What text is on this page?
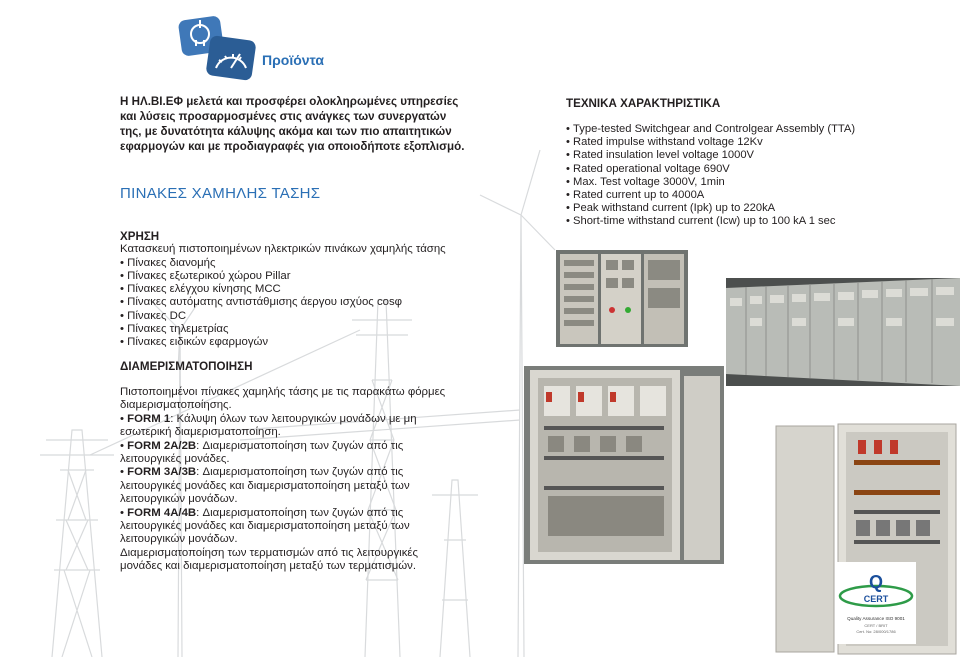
Προϊόντα
Η ΗΛ.ΒΙ.ΕΦ μελετά και προσφέρει ολοκληρωμένες υπηρεσίες και λύσεις προσαρμοσμένες στις ανάγκες των συνεργατών της, με δυνατότητα κάλυψης ακόμα και των πιο απαιτητικών εφαρμογών και με προδιαγραφές για οποιοδήποτε εξοπλισμό.
ΠΙΝΑΚΕΣ ΧΑΜΗΛΗΣ ΤΑΣΗΣ
ΧΡΗΣΗ
Κατασκευή πιστοποιημένων ηλεκτρικών πινάκων χαμηλής τάσης
• Πίνακες διανομής
• Πίνακες εξωτερικού χώρου Pillar
• Πίνακες ελέγχου κίνησης MCC
• Πίνακες αυτόματης αντιστάθμισης άεργου ισχύος cosφ
• Πίνακες DC
• Πίνακες τηλεμετρίας
• Πίνακες ειδικών εφαρμογών
ΔΙΑΜΕΡΙΣΜΑΤΟΠΟΙΗΣΗ

Πιστοποιημένοι πίνακες χαμηλής τάσης με τις παρακάτω φόρμες διαμερισματοποίησης.

• FORM 1: Κάλυψη όλων των λειτουργικών μονάδων με μη εσωτερική διαμερισματοποίηση.

• FORM 2A/2B: Διαμερισματοποίηση των ζυγών από τις λειτουργικές μονάδες.

• FORM 3A/3B: Διαμερισματοποίηση των ζυγών από τις λειτουργικές μονάδες και διαμερισματοποίηση μεταξύ των λειτουργικών μονάδων.

• FORM 4A/4B: Διαμερισματοποίηση των ζυγών από τις λειτουργικές μονάδες και διαμερισματοποίηση μεταξύ των λειτουργικών μονάδων.

Διαμερισματοποίηση των τερματισμών από τις λειτουργικές μονάδες και διαμερισματοποίηση μεταξύ των τερματισμών.

ΤΕΧΝΙΚΑ ΧΑΡΑΚΤΗΡΙΣΤΙΚΑ
• Type-tested Switchgear and Controlgear Assembly (TTA)
• Rated impulse withstand voltage 12Kv
• Rated insulation level voltage 1000V
• Rated operational voltage 690V
• Max. Test voltage 3000V, 1min
• Rated current up to 4000A
• Peak withstand current (Ipk) up to 220kA
• Short-time withstand current (Icw) up to 100 kA 1 sec
Q
CERT
Quality Assurance ISO 9001
CERT / BRIT
Cert. No: 28/000/1786
